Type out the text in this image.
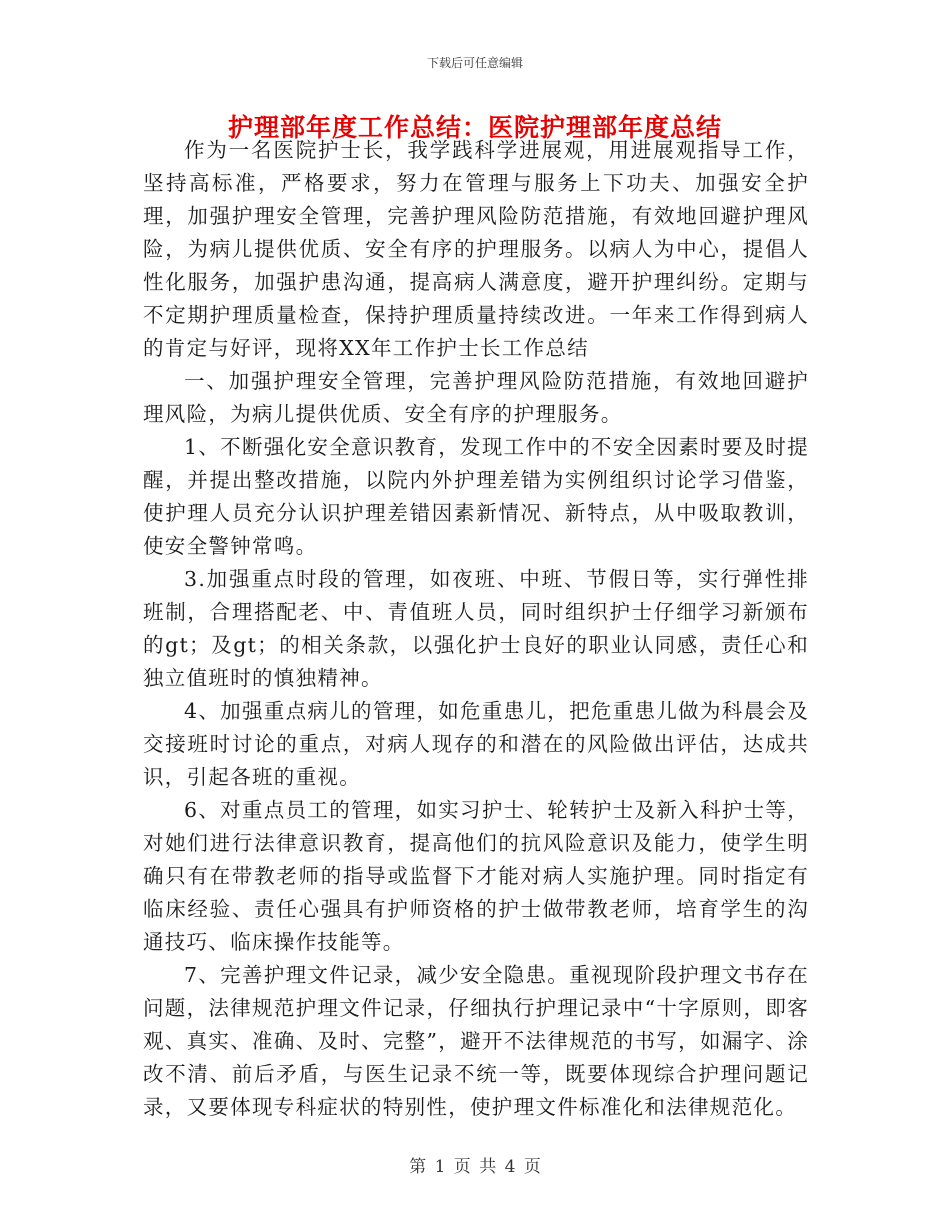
下载后可任意编辑
护理部年度工作总结：医院护理部年度总结

作为一名医院护士长，我学践科学进展观，用进展观指导工作，坚持高标准，严格要求，努力在管理与服务上下功夫、加强安全护理，加强护理安全管理，完善护理风险防范措施，有效地回避护理风险，为病儿提供优质、安全有序的护理服务。以病人为中心，提倡人性化服务，加强护患沟通，提高病人满意度，避开护理纠纷。定期与不定期护理质量检查，保持护理质量持续改进。一年来工作得到病人的肯定与好评，现将XX年工作护士长工作总结

一、加强护理安全管理，完善护理风险防范措施，有效地回避护理风险，为病儿提供优质、安全有序的护理服务。

1、不断强化安全意识教育，发现工作中的不安全因素时要及时提醒，并提出整改措施，以院内外护理差错为实例组织讨论学习借鉴，使护理人员充分认识护理差错因素新情况、新特点，从中吸取教训，使安全警钟常鸣。

3.加强重点时段的管理，如夜班、中班、节假日等，实行弹性排班制，合理搭配老、中、青值班人员，同时组织护士仔细学习新颁布的gt；及gt；的相关条款，以强化护士良好的职业认同感，责任心和独立值班时的慎独精神。

4、加强重点病儿的管理，如危重患儿，把危重患儿做为科晨会及交接班时讨论的重点，对病人现存的和潜在的风险做出评估，达成共识，引起各班的重视。

6、对重点员工的管理，如实习护士、轮转护士及新入科护士等，对她们进行法律意识教育，提高他们的抗风险意识及能力，使学生明确只有在带教老师的指导或监督下才能对病人实施护理。同时指定有临床经验、责任心强具有护师资格的护士做带教老师，培育学生的沟通技巧、临床操作技能等。

7、完善护理文件记录，减少安全隐患。重视现阶段护理文书存在问题，法律规范护理文件记录，仔细执行护理记录中“十字原则，即客观、真实、准确、及时、完整”，避开不法律规范的书写，如漏字、涂改不清、前后矛盾，与医生记录不统一等，既要体现综合护理问题记录，又要体现专科症状的特别性，使护理文件标准化和法律规范化。

第 1 页 共 4 页
